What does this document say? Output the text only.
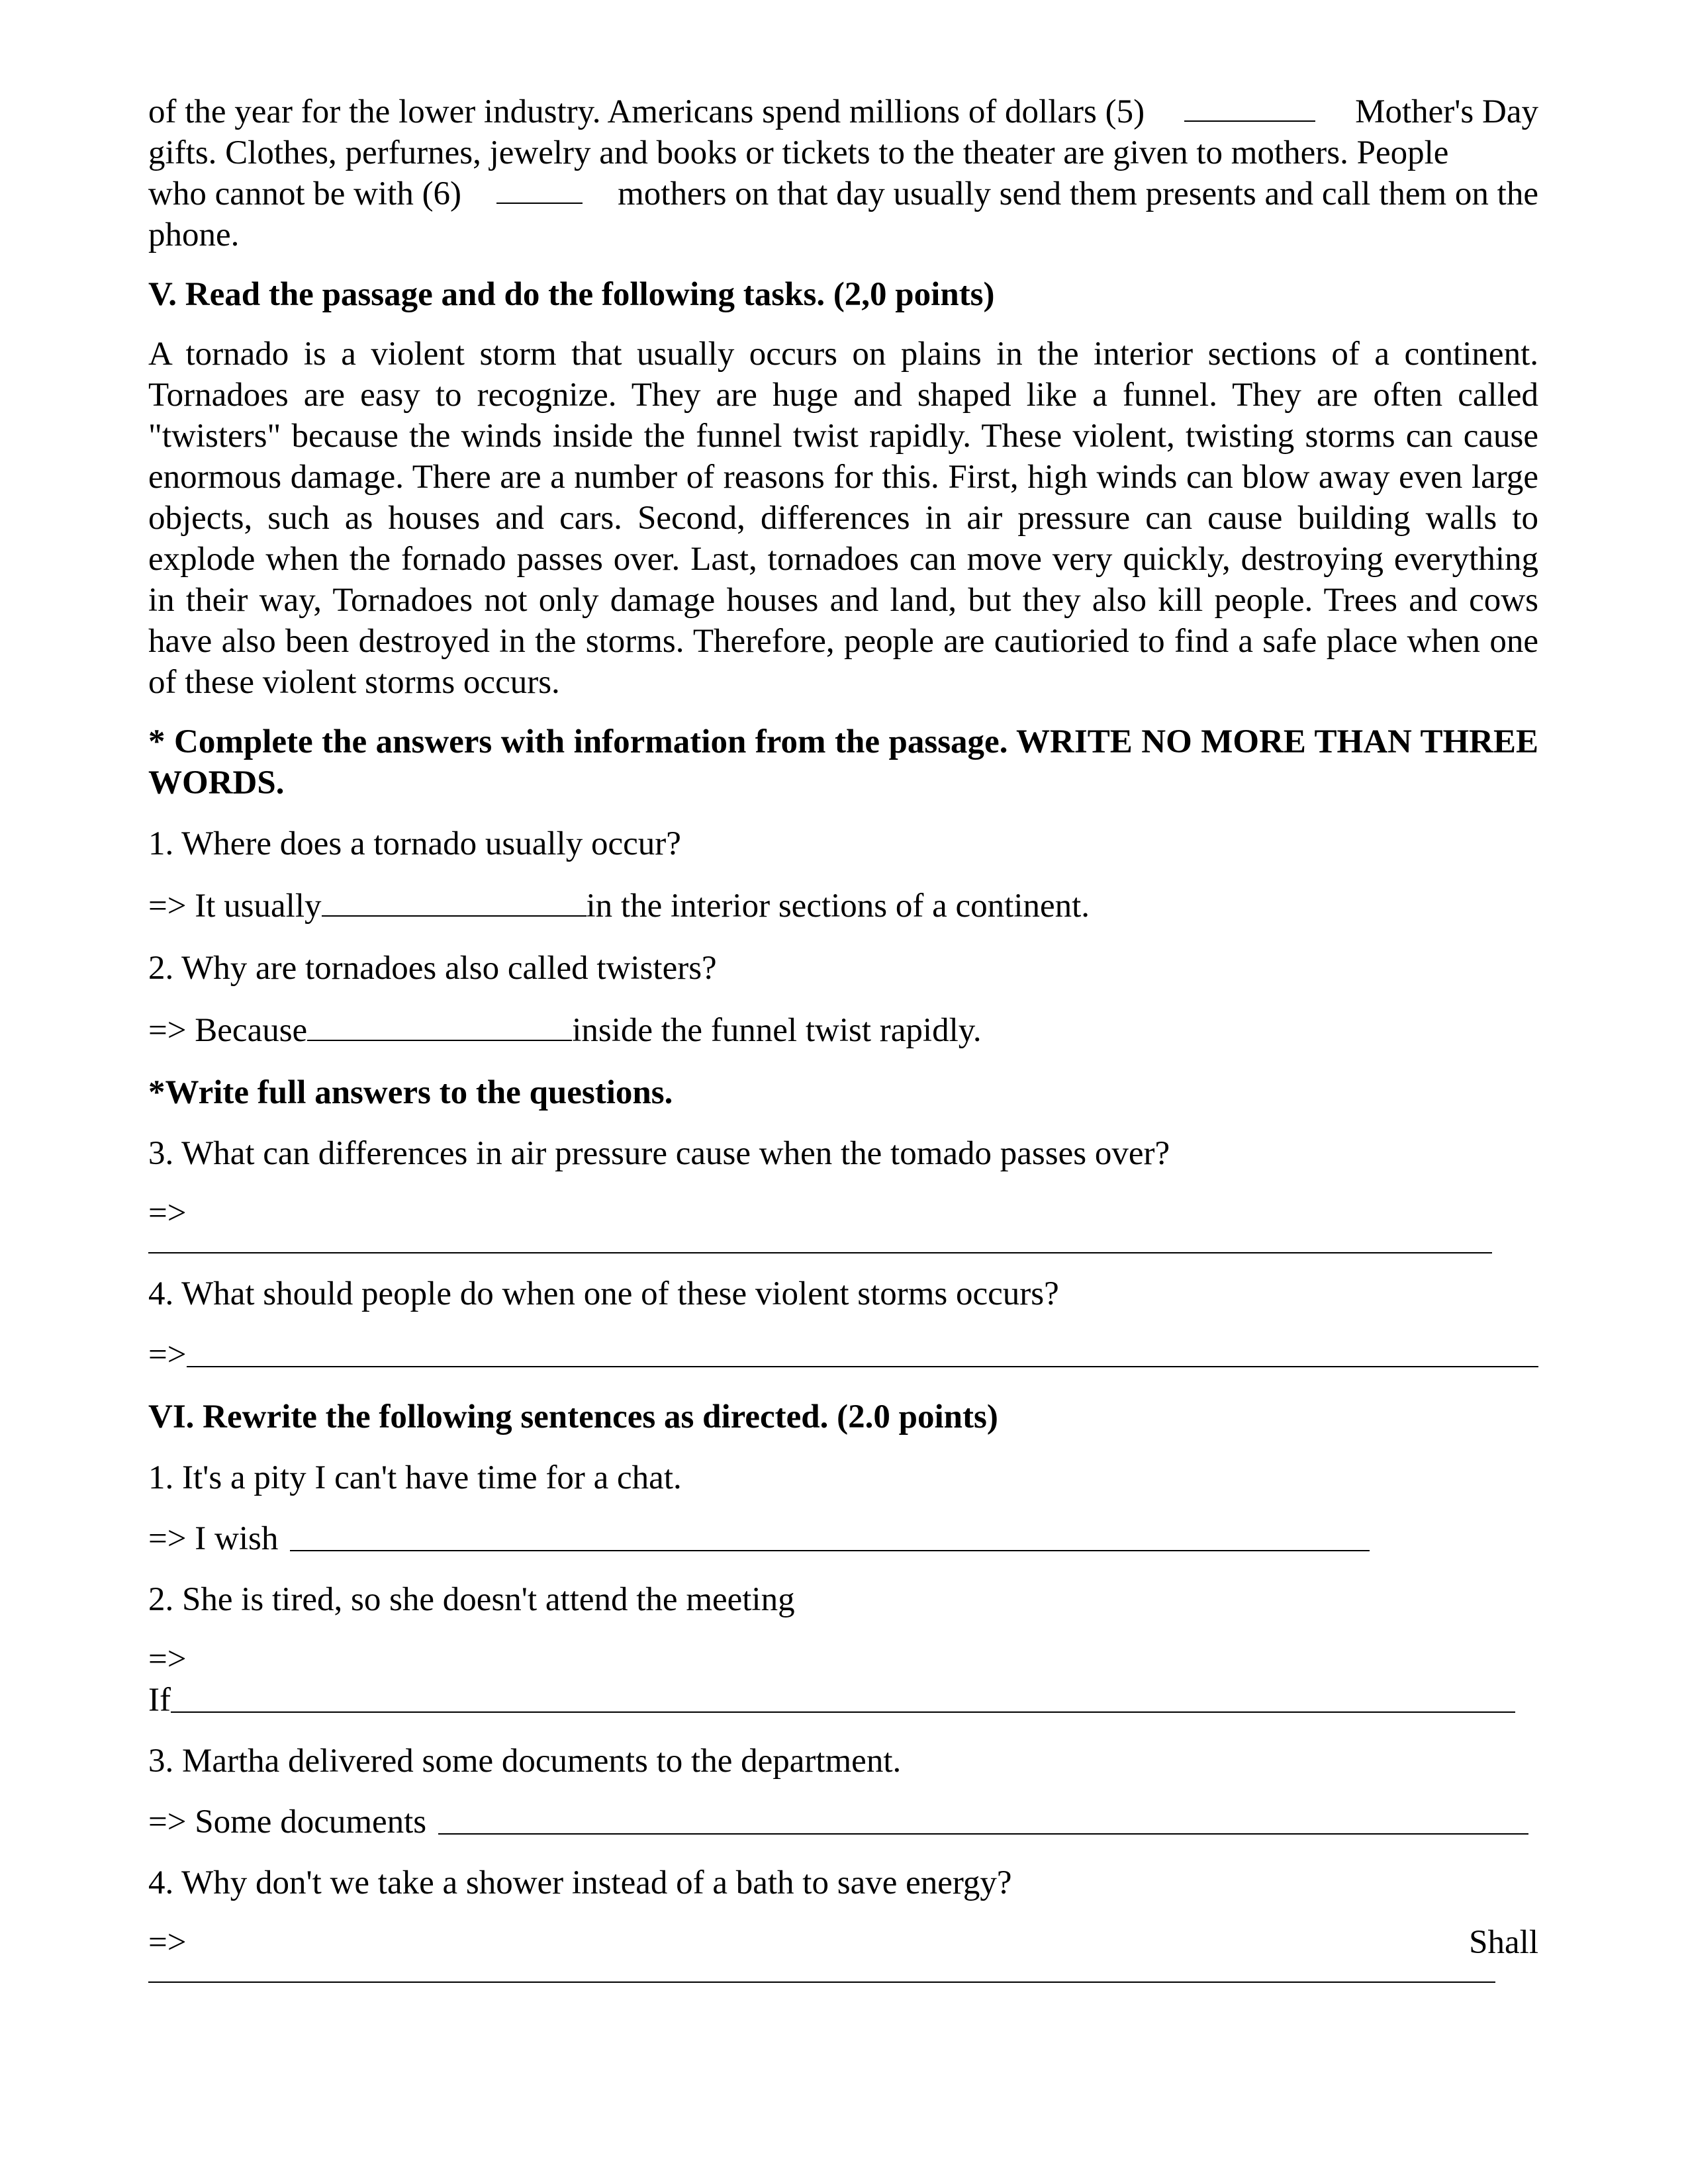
of the year for the lower industry. Americans spend millions of dollars (5)	Mother's Day
gifts. Clothes, perfurnes, jewelry and books or tickets to the theater are given to mothers. People
who cannot be with (6)	mothers on that day usually send them presents and call them on the
phone.
V. Read the passage and do the following tasks. (2,0 points)
A tornado is a violent storm that usually occurs on plains in the interior sections of a continent. Tornadoes are easy to recognize. They are huge and shaped like a funnel. They are often called "twisters" because the winds inside the funnel twist rapidly. These violent, twisting storms can cause enormous damage. There are a number of reasons for this. First, high winds can blow away even large objects, such as houses and cars. Second, differences in air pressure can cause building walls to explode when the fornado passes over. Last, tornadoes can move very quickly, destroying everything in their way, Tornadoes not only damage houses and land, but they also kill people. Trees and cows have also been destroyed in the storms. Therefore, people are cautioried to find a safe place when one of these violent storms occurs.
* Complete the answers with information from the passage. WRITE NO MORE THAN THREE WORDS.
1. Where does a tornado usually occur?
=> It usually	in the interior sections of a continent.
2. Why are tornadoes also called twisters?
=> Because	inside the funnel twist rapidly.
*Write full answers to the questions.
3. What can differences in air pressure cause when the tomado passes over?
=>
4. What should people do when one of these violent storms occurs?
=>
VI. Rewrite the following sentences as directed. (2.0 points)
1. It's a pity I can't have time for a chat.
=> I wish
2. She is tired, so she doesn't attend the meeting
=>
If
3. Martha delivered some documents to the department.
=> Some documents
4. Why don't we take a shower instead of a bath to save energy?
=>	Shall
